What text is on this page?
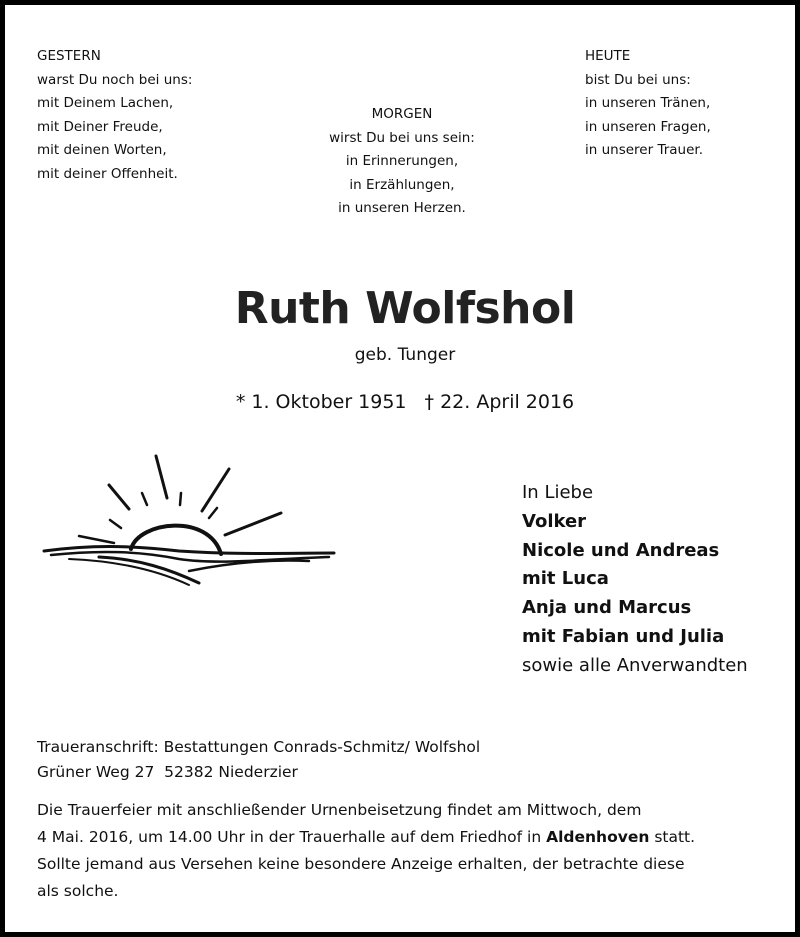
GESTERN
warst Du noch bei uns:
mit Deinem Lachen,
mit Deiner Freude,
mit deinen Worten,
mit deiner Offenheit.
MORGEN
wirst Du bei uns sein:
in Erinnerungen,
in Erzählungen,
in unseren Herzen.
HEUTE
bist Du bei uns:
in unseren Tränen,
in unseren Fragen,
in unserer Trauer.
Ruth Wolfshol
geb. Tunger
* 1. Oktober 1951 † 22. April 2016
In Liebe
Volker
Nicole und Andreas
mit Luca
Anja und Marcus
mit Fabian und Julia
sowie alle Anverwandten
Traueranschrift: Bestattungen Conrads-Schmitz/ Wolfshol
Grüner Weg 27  52382 Niederzier
Die Trauerfeier mit anschließender Urnenbeisetzung findet am Mittwoch, dem
4 Mai. 2016, um 14.00 Uhr in der Trauerhalle auf dem Friedhof in Aldenhoven statt.
Sollte jemand aus Versehen keine besondere Anzeige erhalten, der betrachte diese
als solche.
